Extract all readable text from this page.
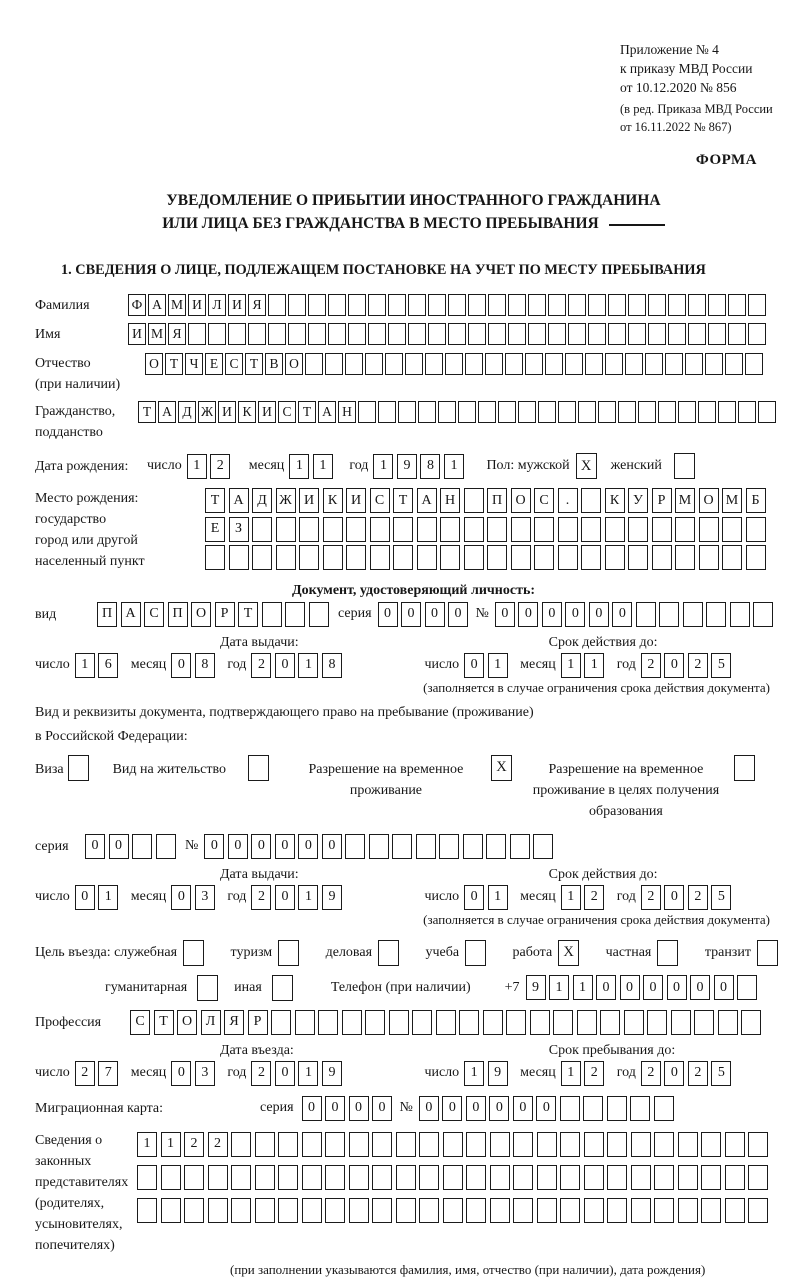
Приложение № 4
к приказу МВД России
от 10.12.2020 № 856
(в ред. Приказа МВД России
от 16.11.2022 № 867)
ФОРМА
УВЕДОМЛЕНИЕ О ПРИБЫТИИ ИНОСТРАННОГО ГРАЖДАНИНА
ИЛИ ЛИЦА БЕЗ ГРАЖДАНСТВА В МЕСТО ПРЕБЫВАНИЯ
1. СВЕДЕНИЯ О ЛИЦЕ, ПОДЛЕЖАЩЕМ ПОСТАНОВКЕ НА УЧЕТ ПО МЕСТУ ПРЕБЫВАНИЯ
Фамилия	Ф А М И Л И Я
Имя	И М Я
Отчество
(при наличии)
О Т Ч Е С Т В О
Гражданство,
подданство
Т А Д Ж И К И С Т А Н
Дата рождения:	число 1	2	месяц 1	1	год 1	9	8	1	Пол: мужской X	женский
Место рождения:
государство
город или другой
населенный пункт
Т	А Д Ж И К И С	Т	А Н	П О С	.	К У	Р М О М Б
Е	З
Документ, удостоверяющий личность:
вид	П А С П О	Р	Т	серия 0	0	0	0	№ 0	0	0	0	0	0
Дата выдачи:	Срок действия до:
число 1	6	месяц 0	8	год 2	0	1	8	число 0	1	месяц 1	1	год 2	0	2	5
(заполняется в случае ограничения срока действия документа)
Вид и реквизиты документа, подтверждающего право на пребывание (проживание)
в Российской Федерации:
Виза	Вид на жительство	Разрешение на временное проживание
X	Разрешение на временное проживание в целях получения образования
серия	0	0	№ 0	0	0	0	0	0
Дата выдачи:	Срок действия до:
число 0	1	месяц 0	3	год 2	0	1	9	число 0	1	месяц 1	2	год 2	0	2	5
(заполняется в случае ограничения срока действия документа)
Цель въезда: служебная	туризм	деловая	учеба	работа X	частная	транзит
гуманитарная	иная	Телефон (при наличии) +7 9	1	1	0	0	0	0	0	0
Профессия	С	Т	О Л	Я	Р
Дата въезда:	Срок пребывания до:
число 2	7	месяц 0	3	год 2	0	1	9	число 1	9	месяц 1	2	год 2	0	2	5
Миграционная карта:	серия	0	0	0	0	№ 0	0	0	0	0	0
Сведения о
законных
представителях
(родителях,
усыновителях,
попечителях)
1	1	2	2
(при заполнении указываются фамилия, имя, отчество (при наличии), дата рождения)
